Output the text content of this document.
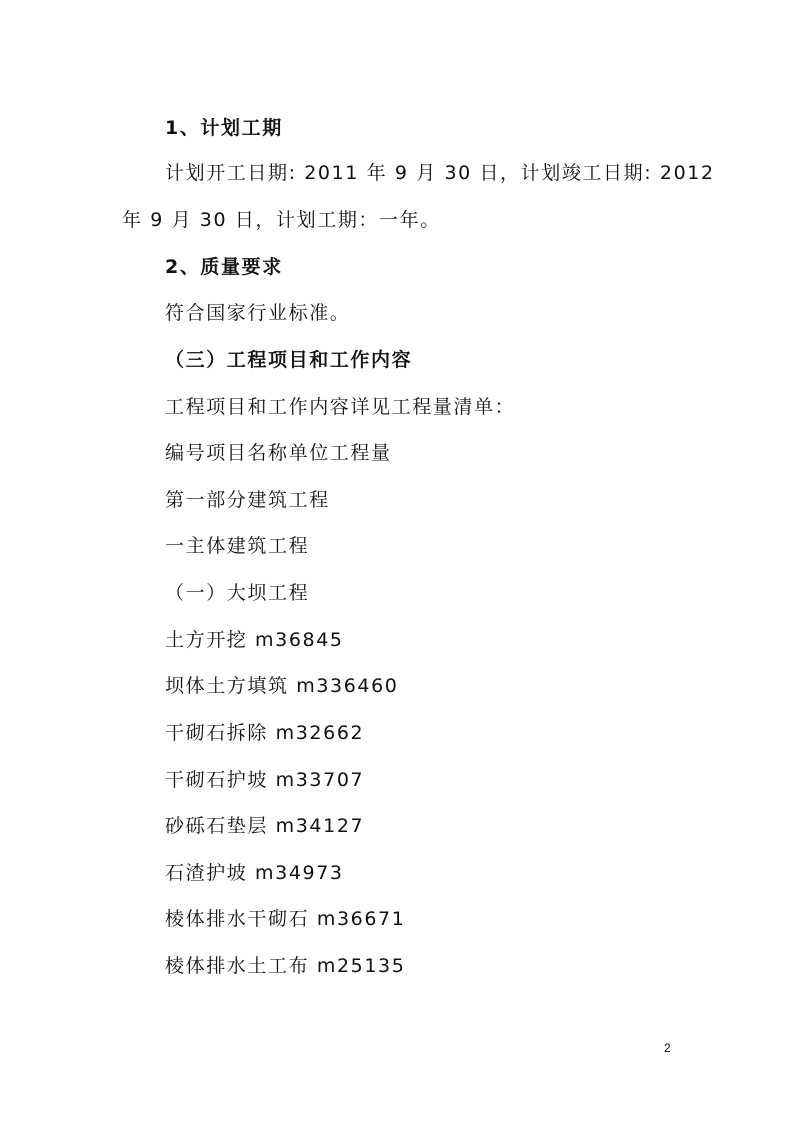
1、计划工期
计划开工日期: 2011 年 9 月 30 日，计划竣工日期: 2012
年 9 月 30 日，计划工期：一年。
2、质量要求
符合国家行业标准。
（三）工程项目和工作内容
工程项目和工作内容详见工程量清单：
编号项目名称单位工程量
第一部分建筑工程
一主体建筑工程
（一）大坝工程
土方开挖 m36845
坝体土方填筑 m336460
干砌石拆除 m32662
干砌石护坡 m33707
砂砾石垫层 m34127
石渣护坡 m34973
棱体排水干砌石 m36671
棱体排水土工布 m25135
2
